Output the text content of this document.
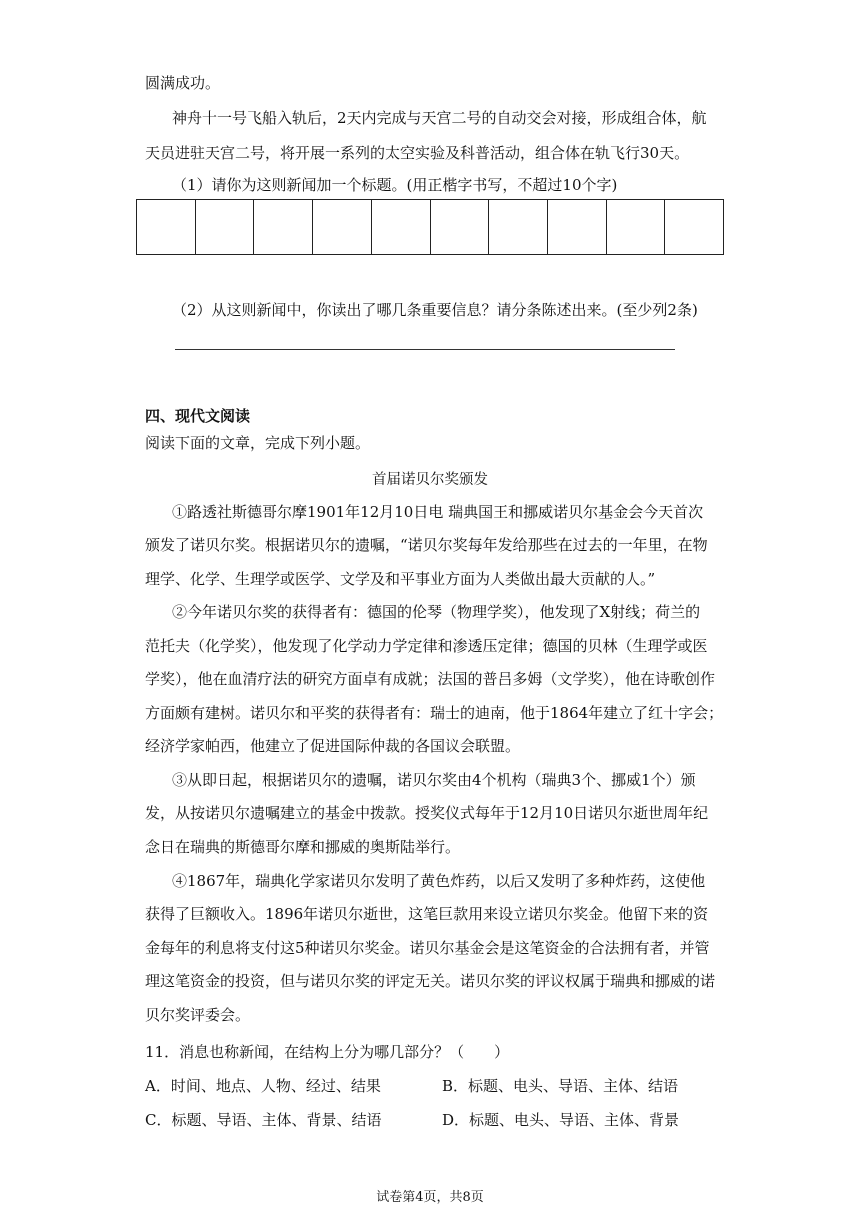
圆满成功。
神舟十一号飞船入轨后，2天内完成与天宫二号的自动交会对接，形成组合体，航
天员进驻天宫二号，将开展一系列的太空实验及科普活动，组合体在轨飞行30天。
（1）请你为这则新闻加一个标题。(用正楷字书写，不超过10个字)
（2）从这则新闻中，你读出了哪几条重要信息？请分条陈述出来。(至少列2条)
四、现代文阅读
阅读下面的文章，完成下列小题。
首届诺贝尔奖颁发
①路透社斯德哥尔摩1901年12月10日电 瑞典国王和挪威诺贝尔基金会今天首次
颁发了诺贝尔奖。根据诺贝尔的遗嘱，“诺贝尔奖每年发给那些在过去的一年里，在物
理学、化学、生理学或医学、文学及和平事业方面为人类做出最大贡献的人。”
②今年诺贝尔奖的获得者有：德国的伦琴（物理学奖），他发现了X射线；荷兰的
范托夫（化学奖），他发现了化学动力学定律和渗透压定律；德国的贝林（生理学或医
学奖），他在血清疗法的研究方面卓有成就；法国的普吕多姆（文学奖），他在诗歌创作
方面颇有建树。诺贝尔和平奖的获得者有：瑞士的迪南，他于1864年建立了红十字会；
经济学家帕西，他建立了促进国际仲裁的各国议会联盟。
③从即日起，根据诺贝尔的遗嘱，诺贝尔奖由4个机构（瑞典3个、挪威1个）颁
发，从按诺贝尔遗嘱建立的基金中拨款。授奖仪式每年于12月10日诺贝尔逝世周年纪
念日在瑞典的斯德哥尔摩和挪威的奥斯陆举行。
④1867年，瑞典化学家诺贝尔发明了黄色炸药，以后又发明了多种炸药，这使他
获得了巨额收入。1896年诺贝尔逝世，这笔巨款用来设立诺贝尔奖金。他留下来的资
金每年的利息将支付这5种诺贝尔奖金。诺贝尔基金会是这笔资金的合法拥有者，并管
理这笔资金的投资，但与诺贝尔奖的评定无关。诺贝尔奖的评议权属于瑞典和挪威的诺
贝尔奖评委会。
11．消息也称新闻，在结构上分为哪几部分？（　　）
A．时间、地点、人物、经过、结果	B．标题、电头、导语、主体、结语
C．标题、导语、主体、背景、结语	D．标题、电头、导语、主体、背景
试卷第4页，共8页
